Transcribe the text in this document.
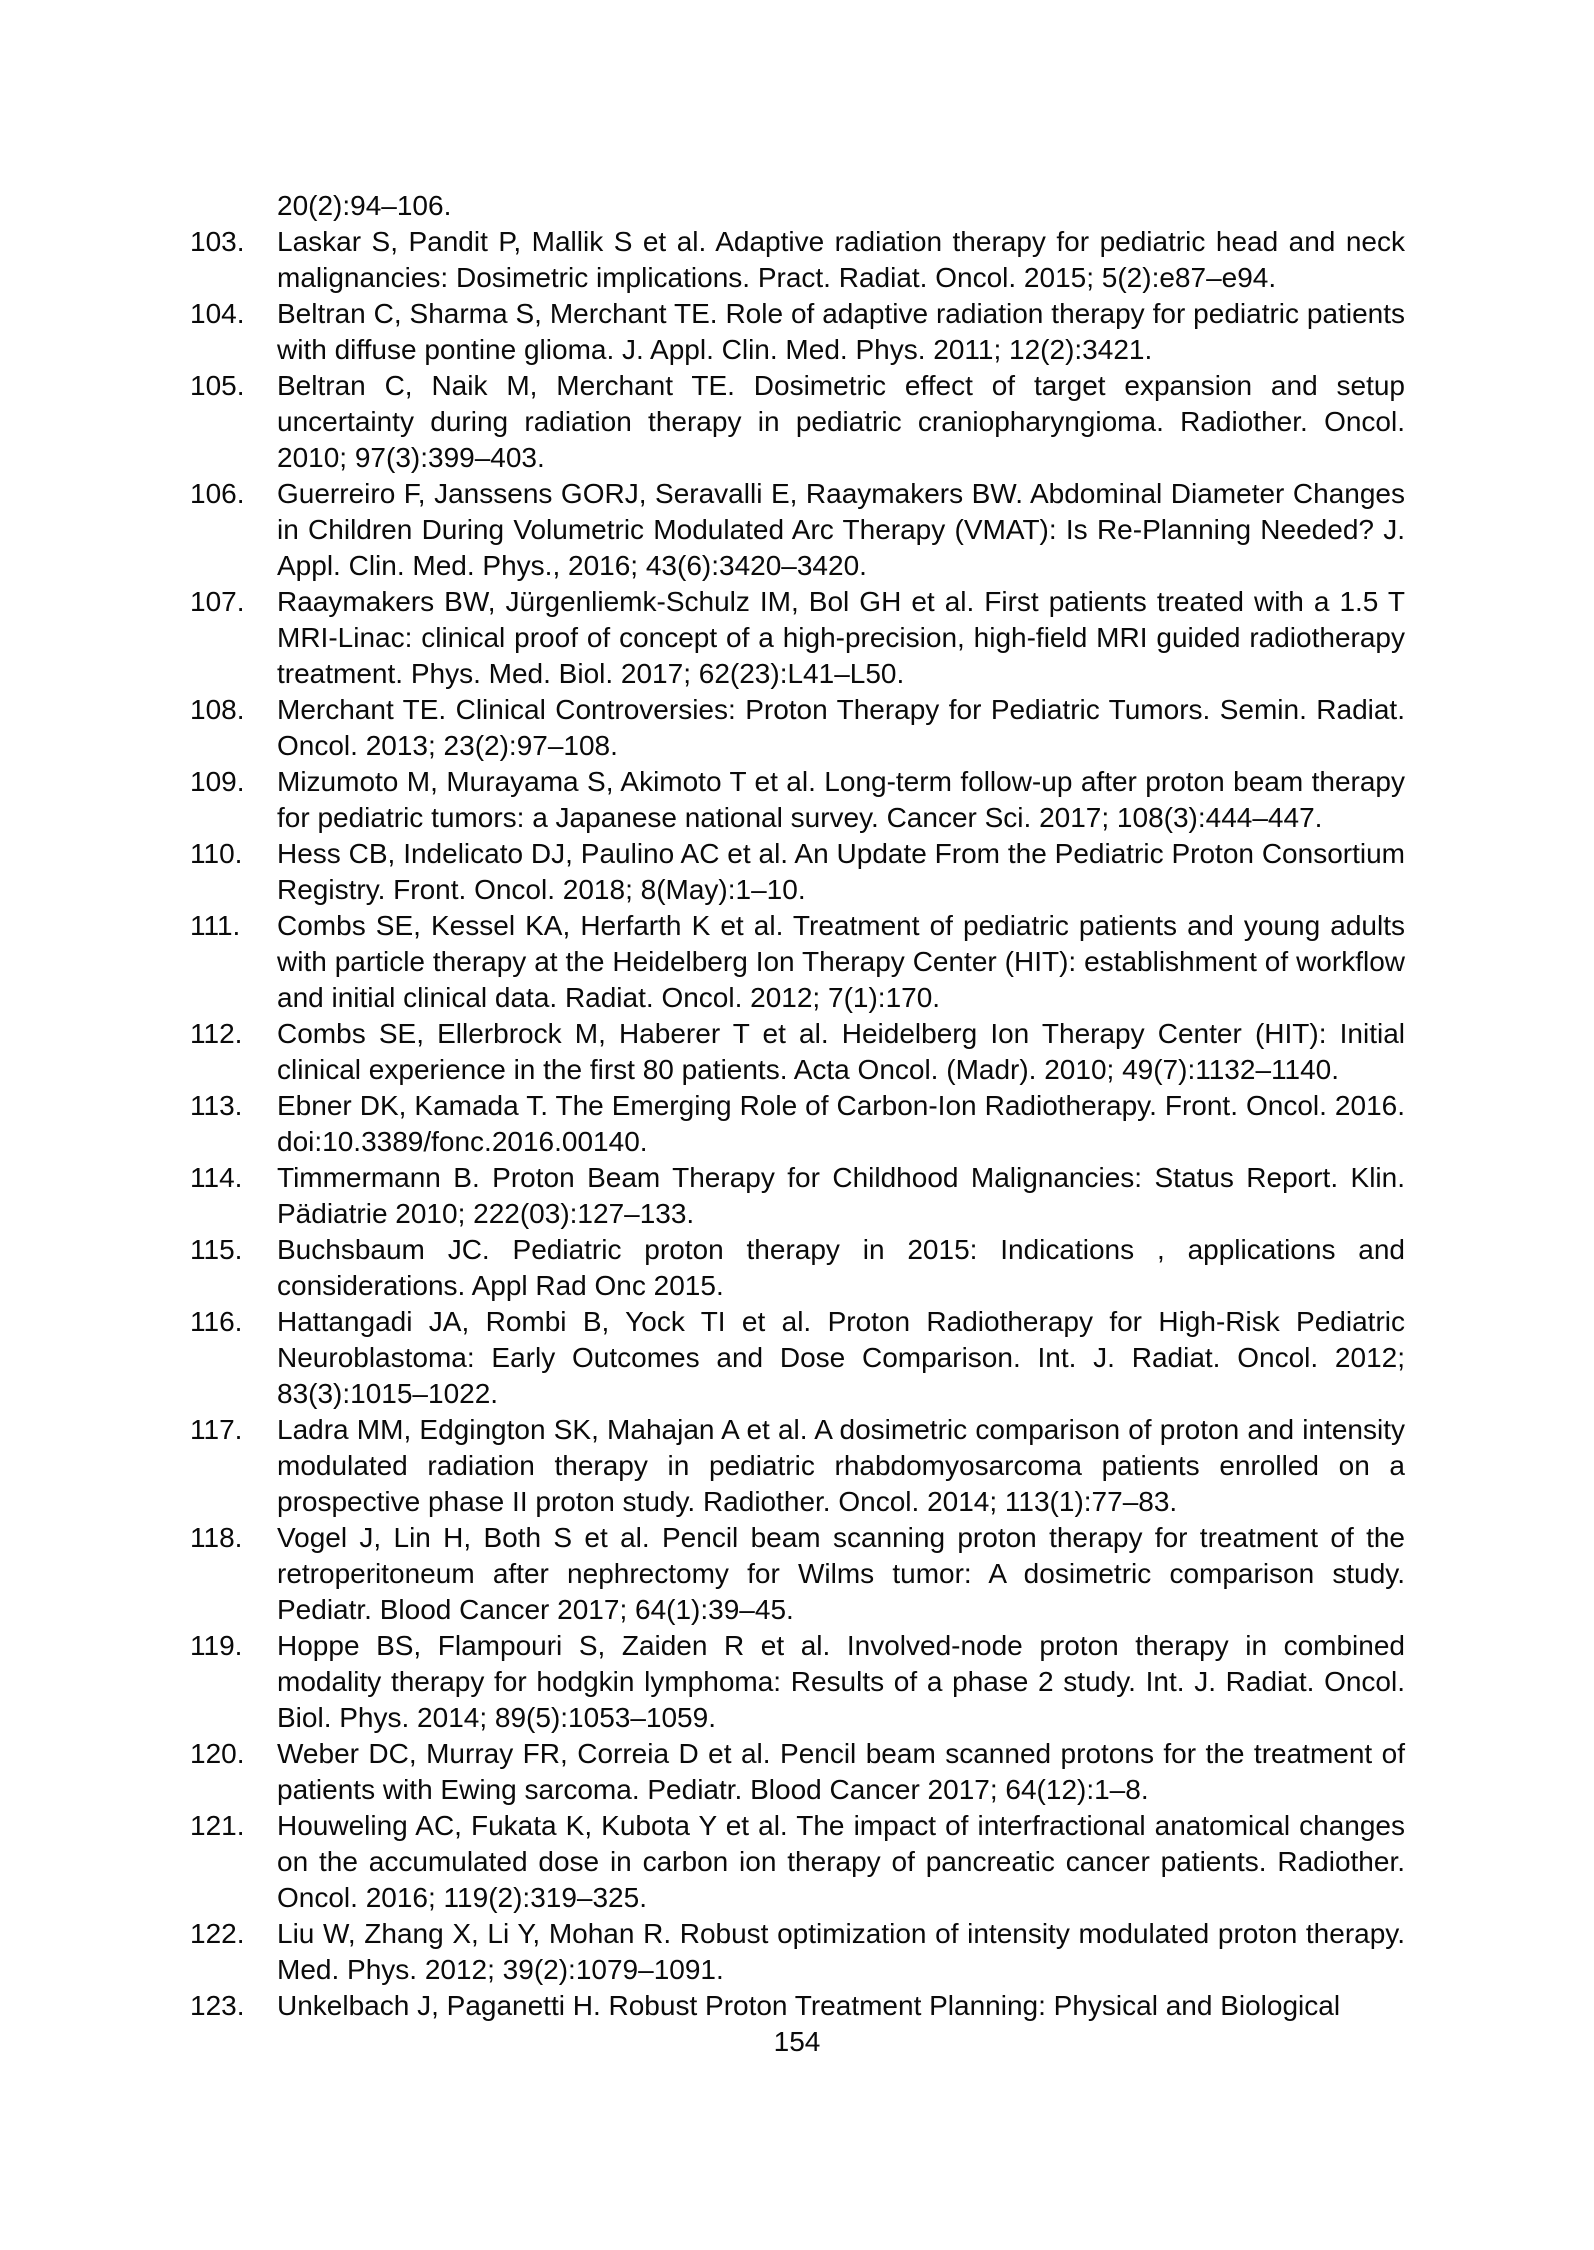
20(2):94–106.
103. Laskar S, Pandit P, Mallik S et al. Adaptive radiation therapy for pediatric head and neck malignancies: Dosimetric implications. Pract. Radiat. Oncol. 2015; 5(2):e87–e94.
104. Beltran C, Sharma S, Merchant TE. Role of adaptive radiation therapy for pediatric patients with diffuse pontine glioma. J. Appl. Clin. Med. Phys. 2011; 12(2):3421.
105. Beltran C, Naik M, Merchant TE. Dosimetric effect of target expansion and setup uncertainty during radiation therapy in pediatric craniopharyngioma. Radiother. Oncol. 2010; 97(3):399–403.
106. Guerreiro F, Janssens GORJ, Seravalli E, Raaymakers BW. Abdominal Diameter Changes in Children During Volumetric Modulated Arc Therapy (VMAT): Is Re-Planning Needed? J. Appl. Clin. Med. Phys., 2016; 43(6):3420–3420.
107. Raaymakers BW, Jürgenliemk-Schulz IM, Bol GH et al. First patients treated with a 1.5 T MRI-Linac: clinical proof of concept of a high-precision, high-field MRI guided radiotherapy treatment. Phys. Med. Biol. 2017; 62(23):L41–L50.
108. Merchant TE. Clinical Controversies: Proton Therapy for Pediatric Tumors. Semin. Radiat. Oncol. 2013; 23(2):97–108.
109. Mizumoto M, Murayama S, Akimoto T et al. Long-term follow-up after proton beam therapy for pediatric tumors: a Japanese national survey. Cancer Sci. 2017; 108(3):444–447.
110. Hess CB, Indelicato DJ, Paulino AC et al. An Update From the Pediatric Proton Consortium Registry. Front. Oncol. 2018; 8(May):1–10.
111. Combs SE, Kessel KA, Herfarth K et al. Treatment of pediatric patients and young adults with particle therapy at the Heidelberg Ion Therapy Center (HIT): establishment of workflow and initial clinical data. Radiat. Oncol. 2012; 7(1):170.
112. Combs SE, Ellerbrock M, Haberer T et al. Heidelberg Ion Therapy Center (HIT): Initial clinical experience in the first 80 patients. Acta Oncol. (Madr). 2010; 49(7):1132–1140.
113. Ebner DK, Kamada T. The Emerging Role of Carbon-Ion Radiotherapy. Front. Oncol. 2016. doi:10.3389/fonc.2016.00140.
114. Timmermann B. Proton Beam Therapy for Childhood Malignancies: Status Report. Klin. Pädiatrie 2010; 222(03):127–133.
115. Buchsbaum JC. Pediatric proton therapy in 2015: Indications , applications and considerations. Appl Rad Onc 2015.
116. Hattangadi JA, Rombi B, Yock TI et al. Proton Radiotherapy for High-Risk Pediatric Neuroblastoma: Early Outcomes and Dose Comparison. Int. J. Radiat. Oncol. 2012; 83(3):1015–1022.
117. Ladra MM, Edgington SK, Mahajan A et al. A dosimetric comparison of proton and intensity modulated radiation therapy in pediatric rhabdomyosarcoma patients enrolled on a prospective phase II proton study. Radiother. Oncol. 2014; 113(1):77–83.
118. Vogel J, Lin H, Both S et al. Pencil beam scanning proton therapy for treatment of the retroperitoneum after nephrectomy for Wilms tumor: A dosimetric comparison study. Pediatr. Blood Cancer 2017; 64(1):39–45.
119. Hoppe BS, Flampouri S, Zaiden R et al. Involved-node proton therapy in combined modality therapy for hodgkin lymphoma: Results of a phase 2 study. Int. J. Radiat. Oncol. Biol. Phys. 2014; 89(5):1053–1059.
120. Weber DC, Murray FR, Correia D et al. Pencil beam scanned protons for the treatment of patients with Ewing sarcoma. Pediatr. Blood Cancer 2017; 64(12):1–8.
121. Houweling AC, Fukata K, Kubota Y et al. The impact of interfractional anatomical changes on the accumulated dose in carbon ion therapy of pancreatic cancer patients. Radiother. Oncol. 2016; 119(2):319–325.
122. Liu W, Zhang X, Li Y, Mohan R. Robust optimization of intensity modulated proton therapy. Med. Phys. 2012; 39(2):1079–1091.
123. Unkelbach J, Paganetti H. Robust Proton Treatment Planning: Physical and Biological
154
